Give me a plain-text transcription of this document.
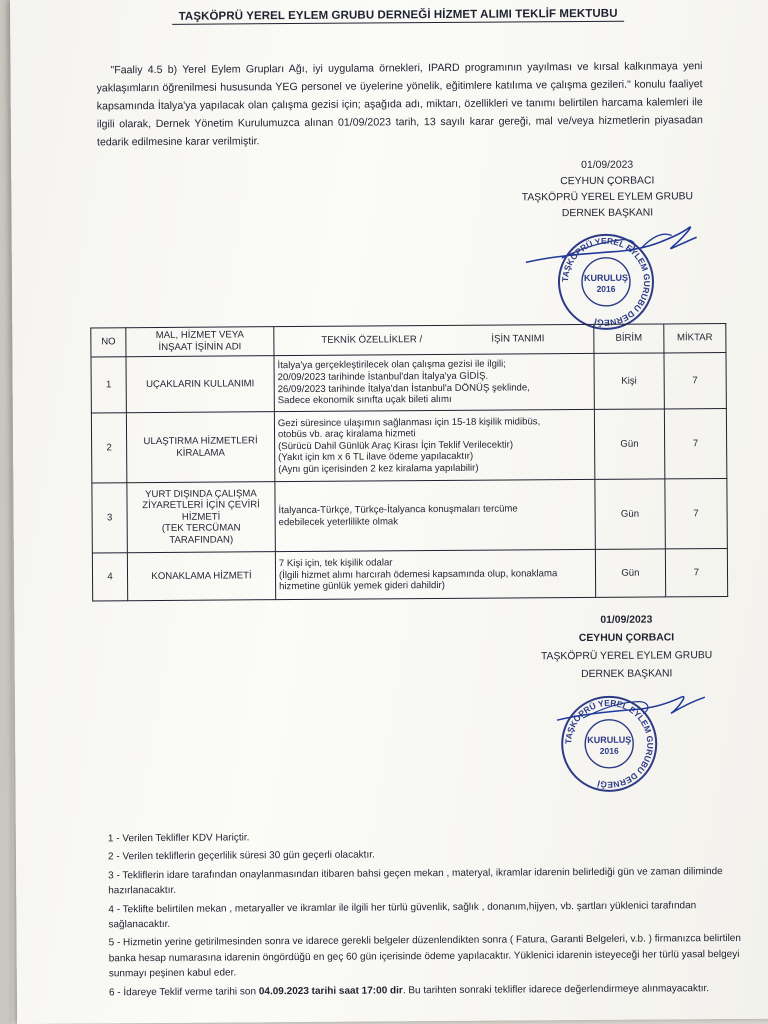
TAŞKÖPRÜ YEREL EYLEM GRUBU DERNEĞİ HİZMET ALIMI TEKLİF MEKTUBU

"Faaliy 4.5 b) Yerel Eylem Grupları Ağı, iyi uygulama örnekleri, IPARD programının yayılması ve kırsal kalkınmaya yeni yaklaşımların öğrenilmesi hususunda YEG personel ve üyelerine yönelik, eğitimlere katılıma ve çalışma gezileri." konulu faaliyet kapsamında İtalya'ya yapılacak olan çalışma gezisi için; aşağıda adı, miktarı, özellikleri ve tanımı belirtilen harcama kalemleri ile ilgili olarak, Dernek Yönetim Kurulumuzca alınan 01/09/2023 tarih, 13 sayılı karar gereği, mal ve/veya hizmetlerin piyasadan tedarik edilmesine karar verilmiştir.

01/09/2023
CEYHUN ÇORBACI
TAŞKÖPRÜ YEREL EYLEM GRUBU
DERNEK BAŞKANI
TAŞKÖPRÜ YEREL EYLEM GURUBU DERNEĞİ
KURULUŞ
2016
NO	MAL, HİZMET VEYA
İNŞAAT İŞİNİN ADI	TEKNİK ÖZELLİKLER / İŞİN TANIMI	BİRİM	MİKTAR
1	UÇAKLARIN KULLANIMI	İtalya'ya gerçekleştirilecek olan çalışma gezisi ile ilgili;
20/09/2023 tarihinde İstanbul'dan İtalya'ya GİDİŞ.
26/09/2023 tarihinde İtalya'dan İstanbul'a DÖNÜŞ şeklinde,
Sadece ekonomik sınıfta uçak bileti alımı	Kişi	7
2	ULAŞTIRMA HİZMETLERİ
KİRALAMA	Gezi süresince ulaşımın sağlanması için 15-18 kişilik midibüs,
otobüs vb. araç kiralama hizmeti
(Sürücü Dahil Günlük Araç Kirası İçin Teklif Verilecektir)
(Yakıt için km x 6 TL ilave ödeme yapılacaktır)
(Aynı gün içerisinden 2 kez kiralama yapılabilir)	Gün	7
3	YURT DIŞINDA ÇALIŞMA
ZİYARETLERİ İÇİN ÇEVİRİ
HİZMETİ
(TEK TERCÜMAN
TARAFINDAN)	İtalyanca-Türkçe, Türkçe-İtalyanca konuşmaları tercüme
edebilecek yeterlilikte olmak	Gün	7
4	KONAKLAMA HİZMETİ	7 Kişi için, tek kişilik odalar
(İlgili hizmet alımı harcırah ödemesi kapsamında olup, konaklama
hizmetine günlük yemek gideri dahildir)	Gün	7
01/09/2023
CEYHUN ÇORBACI
TAŞKÖPRÜ YEREL EYLEM GRUBU
DERNEK BAŞKANI
TAŞKÖPRÜ YEREL EYLEM GURUBU DERNEĞİ
KURULUŞ
2016

1 - Verilen Teklifler KDV Hariçtir.

2 - Verilen tekliflerin geçerlilik süresi 30 gün geçerli olacaktır.

3 - Tekliflerin idare tarafından onaylanmasından itibaren bahsi geçen mekan , materyal, ikramlar idarenin belirlediği gün ve zaman diliminde hazırlanacaktır.

4 - Teklifte belirtilen mekan , metaryaller ve ikramlar ile ilgili her türlü güvenlik, sağlık , donanım,hijyen, vb. şartları yüklenici tarafından sağlanacaktır.

5 - Hizmetin yerine getirilmesinden sonra ve idarece gerekli belgeler düzenlendikten sonra ( Fatura, Garanti Belgeleri, v.b. ) firmanızca belirtilen banka hesap numarasına idarenin öngördüğü en geç 60 gün içerisinde ödeme yapılacaktır. Yüklenici idarenin isteyeceği her türlü yasal belgeyi sunmayı peşinen kabul eder.

6 - İdareye Teklif verme tarihi son 04.09.2023 tarihi saat 17:00 dir. Bu tarihten sonraki teklifler idarece değerlendirmeye alınmayacaktır.
